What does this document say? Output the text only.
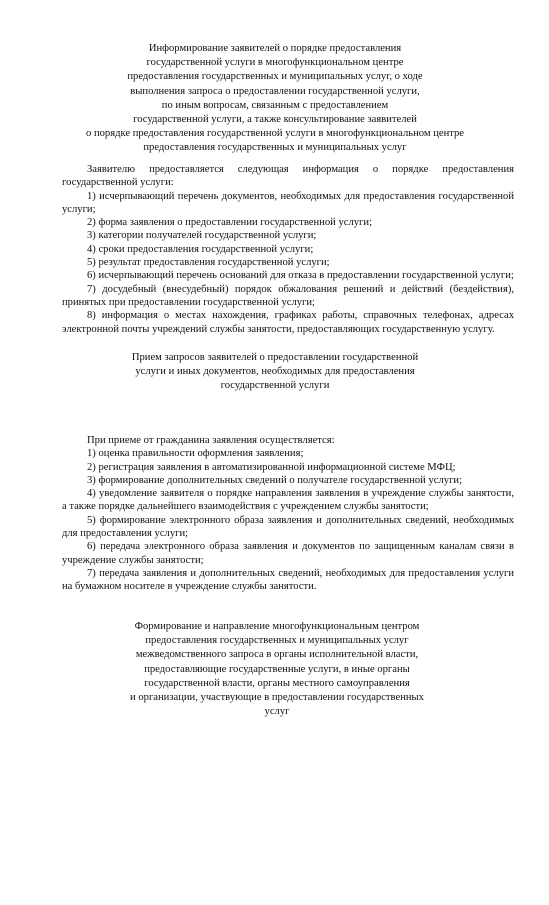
Информирование заявителей о порядке предоставления
государственной услуги в многофункциональном центре
предоставления государственных и муниципальных услуг, о ходе
выполнения запроса о предоставлении государственной услуги,
по иным вопросам, связанным с предоставлением
государственной услуги, а также консультирование заявителей
о порядке предоставления государственной услуги в многофункциональном центре
предоставления государственных и муниципальных услуг

Заявителю предоставляется следующая информация о порядке предоставления государственной услуги:

1) исчерпывающий перечень документов, необходимых для предоставления государственной услуги;

2) форма заявления о предоставлении государственной услуги;

3) категории получателей государственной услуги;

4) сроки предоставления государственной услуги;

5) результат предоставления государственной услуги;

6) исчерпывающий перечень оснований для отказа в предоставлении государственной услуги;

7) досудебный (внесудебный) порядок обжалования решений и действий (бездействия), принятых при предоставлении государственной услуги;

8) информация о местах нахождения, графиках работы, справочных телефонах, адресах электронной почты учреждений службы занятости, предоставляющих государственную услугу.

Прием запросов заявителей о предоставлении государственной
услуги и иных документов, необходимых для предоставления
государственной услуги

При приеме от гражданина заявления осуществляется:

1) оценка правильности оформления заявления;

2) регистрация заявления в автоматизированной информационной системе МФЦ;

3) формирование дополнительных сведений о получателе государственной услуги;

4) уведомление заявителя о порядке направления заявления в учреждение службы занятости, а также порядке дальнейшего взаимодействия с учреждением службы занятости;

5) формирование электронного образа заявления и дополнительных сведений, необходимых для предоставления услуги;

6) передача электронного образа заявления и документов по защищенным каналам связи в учреждение службы занятости;

7) передача заявления и дополнительных сведений, необходимых для предоставления услуги на бумажном носителе в учреждение службы занятости.

Формирование и направление многофункциональным центром
предоставления государственных и муниципальных услуг
межведомственного запроса в органы исполнительной власти,
предоставляющие государственные услуги, в иные органы
государственной власти, органы местного самоуправления
и организации, участвующие в предоставлении государственных
услуг
